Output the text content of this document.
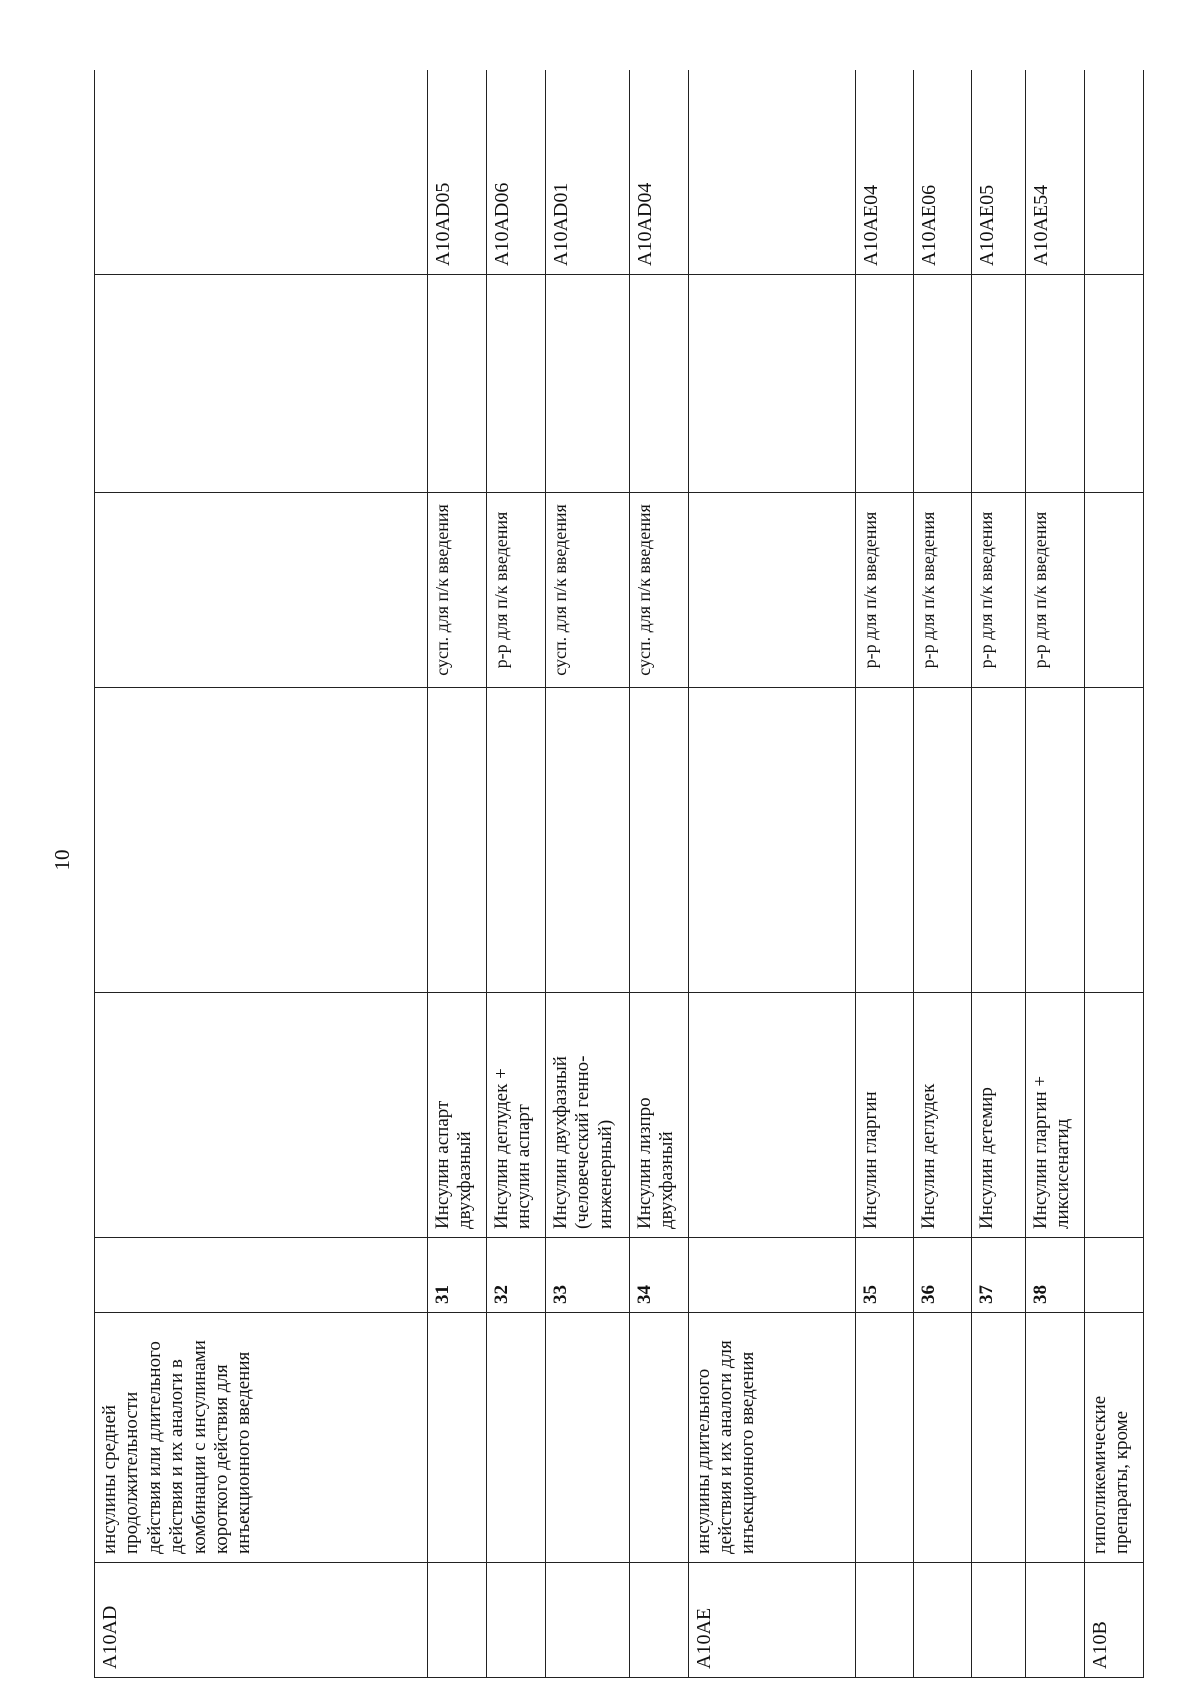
10
A10AD	инсулины средней продолжительности действия или длительного действия и их аналоги в комбинации с инсулинами короткого действия для инъекционного введения						
		31	Инсулин аспарт двухфазный		сусп. для п/к введения		A10AD05
		32	Инсулин деглудек + инсулин аспарт		р-р для п/к введения		A10AD06
		33	Инсулин двухфазный (человеческий генно-инженерный)		сусп. для п/к введения		A10AD01
		34	Инсулин лизпро двухфазный		сусп. для п/к введения		A10AD04
A10AE	инсулины длительного действия и их аналоги для инъекционного введения						
		35	Инсулин гларгин		р-р для п/к введения		A10AE04
		36	Инсулин деглудек		р-р для п/к введения		A10AE06
		37	Инсулин детемир		р-р для п/к введения		A10AE05
		38	Инсулин гларгин + ликсисенатид		р-р для п/к введения		A10AE54
A10B	гипогликемические препараты, кроме						
